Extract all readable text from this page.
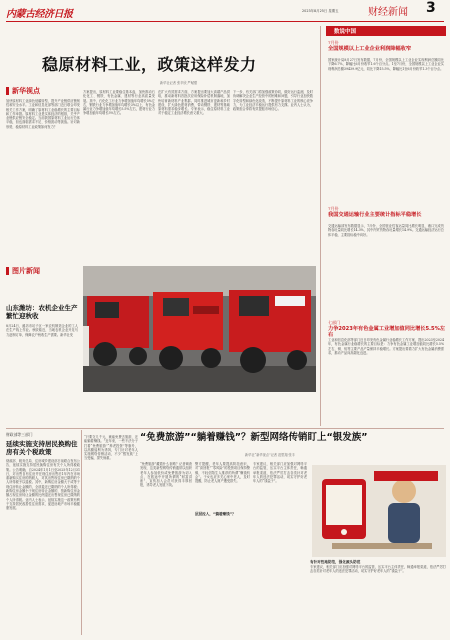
内蒙古经济日报	2023年8月25日 星期五	财经新闻 3
稳原材料工业，政策这样发力
新华视点
加快原材料工业绿色低碳转型，提升产业链供应链韧性和安全水平。工业和信息化部等部门近日联合印发相关工作方案，明确了原材料工业稳增长的主要目标和工作举措。原材料工业是实体经济的根基，关乎产业链供应链安全稳定。当前我国原材料工业运行总体平稳，但也面临需求不足、价格波动等挑战。针对新形势，稳原材料工业政策如何发力？
方案提出，原材料工业要稳住基本盘，加快推动石化化工、钢铁、有色金属、建材等行业高质量发展。其中，石化化工行业力争增加值年均增长5%左右，钢铁行业力争增加值年均增长3%以上，有色金属行业力争增加值年均增长5.5%左右，建材行业力争增加值年均增长3%左右。
在扩大有效需求方面，方案提出要加大高端产品供给，推动新材料首批次应用保险补偿机制落地，加快培育新材料产业集群。同时推进城市更新和乡村建设，扩大绿色建材消费，带动钢铁、建材等基础原材料需求稳步增长。专家表示，稳住原材料工业对于稳定工业经济增长意义重大。
下一步，有关部门将加强政策协同，做好运行监测，及时协调解决企业生产经营中的困难和问题，引导行业加快数字化转型和绿色化改造，不断提升原材料工业的核心竞争力，为工业经济平稳运行提供有力支撑。业内人士认为，政策组合拳将有效提振市场信心。
新华社记者 张辛欣 严赋憬
图片新闻
山东潍坊：农机企业生产繁忙迎秋收
8月24日，潍坊市坊子区一家农机制造企业的工人在生产线上作业。秋收临近，当地农机企业开足马力赶制订单，保障农户秋收生产需要。新华社发
财政部等三部门
延续实施支持居民换购住房有关个税政策
财政部、税务总局、住房城乡建设部日前联合发布公告，延续实施支持居民换购住房有关个人所得税政策。公告明确，自2024年1月1日至2025年12月31日，对出售自有住房并在现住房出售后1年内在市场重新购买住房的纳税人，对其出售现住房已缴纳的个人所得税予以退税。其中，新购住房金额大于或等于现住房转让金额的，全部退还已缴纳的个人所得税；新购住房金额小于现住房转让金额的，按新购住房金额占现住房转让金额的比例退还出售现住房已缴纳的个人所得税。业内人士表示，延续实施这一政策有利于支持居民改善性住房需求，促进房地产市场平稳健康发展。
“免费旅游”“躺着赚钱”？新型网络传销盯上“银发族”
新华社“新华视点”记者 范思翔 张丰
“只要交几千元，就能免费去旅游，还能躺着赚钱。”近年来，一些不法分子打着“免费旅游”“养老投资”等旗号，以高额返利为诱饵，专门针对老年人实施网络传销活动，不少“银发族”上当受骗，损失惨重。
“免费旅游”藏着什么套路？记者调查发现，这类新型网络传销通常以组织老年人参加低价或免费旅游为切入点，在旅途中开展所谓的“财富讲座”，宣传加入会员可获得丰厚回报，诱导老人发展下线。
层层拉人，“躺着赚钱”？
警方提醒，老年人要提高防范意识，对“高回报”“零风险”的投资项目保持警惕，不轻信陌生人推荐的所谓“赚钱机会”。子女也应多关心家中老人，及时提醒，防止老人财产遭受损失。
专家建议，相关部门应加强对网络平台的监管，压实平台主体责任，畅通举报渠道，依法严厉打击各类针对老年人的违法犯罪活动，切实守护好老年人的“钱袋子”。
有针对性地防范，强化源头防范
专家建议，相关部门应加强对网络平台的监管，压实平台主体责任，畅通举报渠道，依法严厉打击各类针对老年人的违法犯罪活动，切实守护好老年人的“钱袋子”。
数说中国
7月份
全国规模以上工业企业利润降幅收窄
国家统计局8月27日发布数据，7月份，全国规模以上工业企业实现利润总额同比下降6.7%，降幅比6月份收窄1.6个百分点。1至7月份，全国规模以上工业企业实现利润总额39439.9亿元，同比下降15.5%，降幅比1至6月份收窄1.3个百分点。
7月份
我国交通运输行业主要统计指标平稳增长
交通运输部发布数据显示，7月份，全国营业性客运量同比增长明显，港口完成货物吞吐量同比增长14.3%，其中内贸货物吞吐量增长14.9%。交通运输经济运行总体平稳，主要指标稳中向好。
七部门
力争2023年有色金属工业增加值同比增长5.5%左右
工业和信息化部等部门近日印发有色金属行业稳增长工作方案，提出2023至2024年，有色金属行业稳增长的主要目标是：力争有色金属工业增加值同比增长5.5%左右，铜、铝等主要产品产量保持平稳增长。方案提出要着力扩大有色金属消费需求，推动产品向高端化迈进。
